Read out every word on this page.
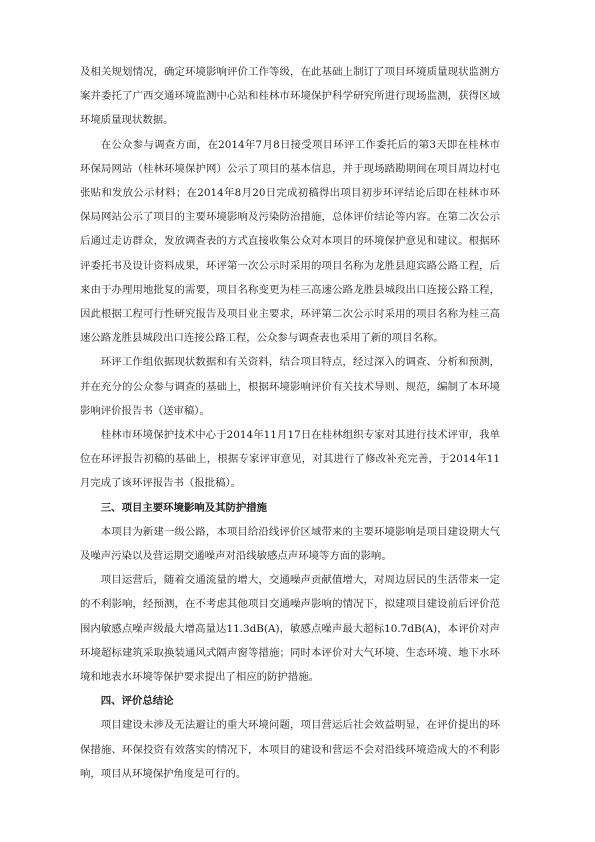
及相关规划情况，确定环境影响评价工作等级，在此基础上制订了项目环境质量现状监测方案并委托了广西交通环境监测中心站和桂林市环境保护科学研究所进行现场监测，获得区域环境质量现状数据。

在公众参与调查方面，在2014年7月8日接受项目环评工作委托后的第3天即在桂林市环保局网站（桂林环境保护网）公示了项目的基本信息，并于现场踏勘期间在项目周边村屯张贴和发放公示材料；在2014年8月20日完成初稿得出项目初步环评结论后即在桂林市环保局网站公示了项目的主要环境影响及污染防治措施，总体评价结论等内容。在第二次公示后通过走访群众，发放调查表的方式直接收集公众对本项目的环境保护意见和建议。根据环评委托书及设计资料成果，环评第一次公示时采用的项目名称为龙胜县迎宾路公路工程，后来由于办理用地批复的需要，项目名称变更为桂三高速公路龙胜县城段出口连接公路工程，因此根据工程可行性研究报告及项目业主要求，环评第二次公示时采用的项目名称为桂三高速公路龙胜县城段出口连接公路工程，公众参与调查表也采用了新的项目名称。

环评工作组依据现状数据和有关资料，结合项目特点，经过深入的调查、分析和预测，并在充分的公众参与调查的基础上，根据环境影响评价有关技术导则、规范，编制了本环境影响评价报告书（送审稿）。

桂林市环境保护技术中心于2014年11月17日在桂林组织专家对其进行技术评审，我单位在环评报告初稿的基础上，根据专家评审意见，对其进行了修改补充完善，于2014年11月完成了该环评报告书（报批稿）。

三、项目主要环境影响及其防护措施

本项目为新建一级公路，本项目给沿线评价区域带来的主要环境影响是项目建设期大气及噪声污染以及营运期交通噪声对沿线敏感点声环境等方面的影响。

项目运营后，随着交通流量的增大，交通噪声贡献值增大，对周边居民的生活带来一定的不利影响，经预测，在不考虑其他项目交通噪声影响的情况下，拟建项目建设前后评价范围内敏感点噪声级最大增高量达11.3dB(A)，敏感点噪声最大超标10.7dB(A)，本评价对声环境超标建筑采取换装通风式隔声窗等措施；同时本评价对大气环境、生态环境、地下水环境和地表水环境等保护要求提出了相应的防护措施。

四、评价总结论

项目建设未涉及无法避让的重大环境问题，项目营运后社会效益明显，在评价提出的环保措施、环保投资有效落实的情况下，本项目的建设和营运不会对沿线环境造成大的不利影响，项目从环境保护角度是可行的。
